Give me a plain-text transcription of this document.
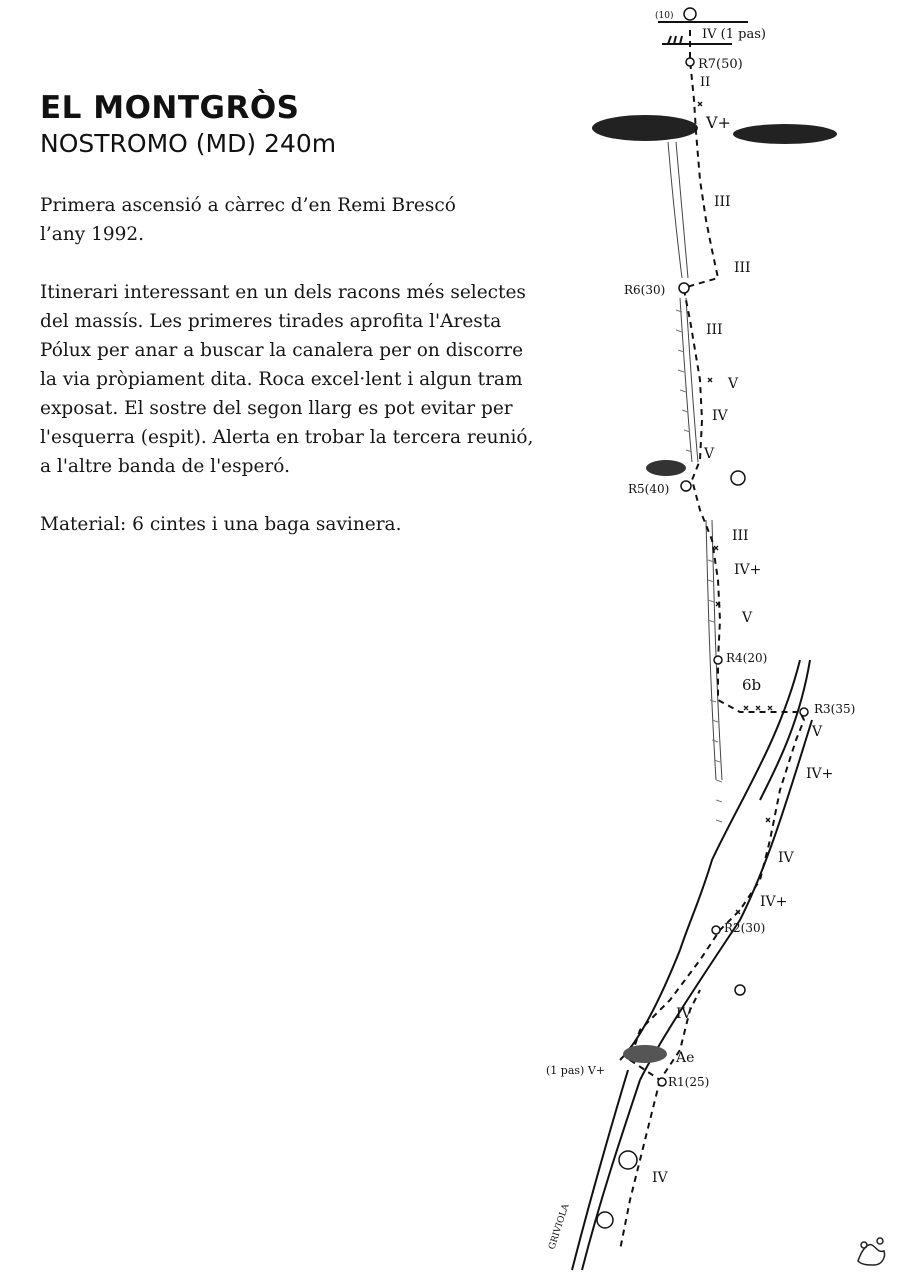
EL MONTGRÒS
NOSTROMO (MD) 240m

Primera ascensió a càrrec d’en Remi Brescó
l’any 1992.

Itinerari interessant en un dels racons més selectes
del massís. Les primeres tirades aprofita l'Aresta
Pólux per anar a buscar la canalera per on discorre
la via pròpiament dita. Roca excel·lent i algun tram
exposat. El sostre del segon llarg es pot evitar per
l'esquerra (espit). Alerta en trobar la tercera reunió,
a l'altre banda de l'esperó.

Material: 6 cintes i una baga savinera.

(10)
R7(50)
R6(30)
R5(40)
R4(20)
R3(35)
R2(30)
R1(25)
IV (1 pas)
II
V+
III
III
III
V
IV
V
III
IV+
V
6b
V
IV+
IV
IV+
IV
Ae
(1 pas) V+
IV
GRIVIOLA
